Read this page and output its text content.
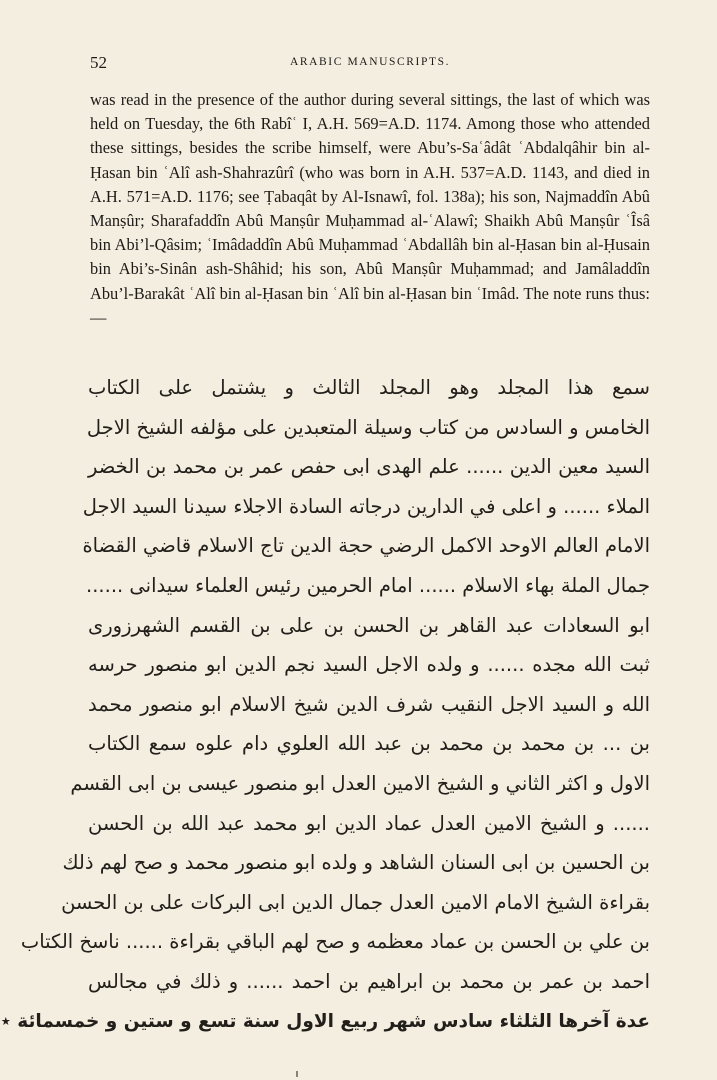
52	ARABIC MANUSCRIPTS.

was read in the presence of the author during several sittings, the last of which was held on Tuesday, the 6th Rabîʿ I, A.H. 569=A.D. 1174. Among those who attended these sittings, besides the scribe himself, were Abu’s-Saʿâdât ʿAbdalqâhir bin al-Ḥasan bin ʿAlî ash-Shahrazûrî (who was born in A.H. 537=A.D. 1143, and died in A.H. 571=A.D. 1176; see Ṭabaqât by Al-Isnawî, fol. 138a); his son, Najmaddîn Abû Manṣûr; Sharafaddîn Abû Manṣûr Muḥammad al-ʿAlawî; Shaikh Abû Manṣûr ʿÎsâ bin Abi’l-Qâsim; ʿImâdaddîn Abû Muḥammad ʿAbdallâh bin al-Ḥasan bin al-Ḥusain bin Abi’s-Sinân ash-Shâhid; his son, Abû Manṣûr Muḥammad; and Jamâladdîn Abu’l-Barakât ʿAlî bin al-Ḥasan bin ʿAlî bin al-Ḥasan bin ʿImâd. The note runs thus:—

سمع هذا المجلد وهو المجلد الثالث و يشتمل على الكتاب
الخامس و السادس من كتاب وسيلة المتعبدين على مؤلفه الشيخ الاجل
السيد معين الدين ...... علم الهدى ابى حفص عمر بن محمد بن الخضر
الملاء ...... و اعلى في الدارين درجاته السادة الاجلاء سيدنا السيد الاجل
الامام العالم الاوحد الاكمل الرضي حجة الدين تاج الاسلام قاضي القضاة
جمال الملة بهاء الاسلام ...... امام الحرمين رئيس العلماء سيدانى ......
ابو السعادات عبد القاهر بن الحسن بن على بن القسم الشهرزورى
ثبت الله مجده ...... و ولده الاجل السيد نجم الدين ابو منصور حرسه
الله و السيد الاجل النقيب شرف الدين شيخ الاسلام ابو منصور محمد
بن ... بن محمد بن محمد بن عبد الله العلوي دام علوه سمع الكتاب
الاول و اكثر الثاني و الشيخ الامين العدل ابو منصور عيسى بن ابى القسم
...... و الشيخ الامين العدل عماد الدين ابو محمد عبد الله بن الحسن
بن الحسين بن ابى السنان الشاهد و ولده ابو منصور محمد و صح لهم ذلك
بقراءة الشيخ الامام الامين العدل جمال الدين ابى البركات على بن الحسن
بن علي بن الحسن بن عماد معظمه و صح لهم الباقي بقراءة ...... ناسخ الكتاب
احمد بن عمر بن محمد بن ابراهيم بن احمد ...... و ذلك في مجالس
عدة آخرها الثلثاء سادس شهر ربيع الاول سنة تسع و ستين و خمسمائة ٭
